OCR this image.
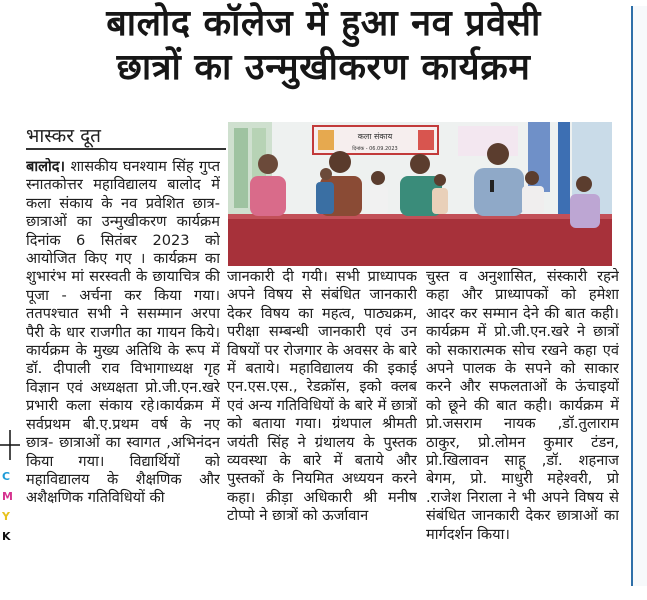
बालोद कॉलेज में हुआ नव प्रवेसी
छात्रों का उन्मुखीकरण कार्यक्रम
भास्कर दूत	कला संकाय
दिनांक - 06.09.2023
बालोद। शासकीय घनश्याम सिंह गुप्त स्नातकोत्तर महाविद्यालय बालोद में कला संकाय के नव प्रवेशित छात्र-छात्राओं का उन्मुखीकरण कार्यक्रम दिनांक 6 सितंबर 2023 को आयोजित किए गए । कार्यक्रम का शुभारंभ मां सरस्वती के छायाचित्र की पूजा - अर्चना कर किया गया। ततपश्चात सभी ने ससम्मान अरपा पैरी के धार राजगीत का गायन किये। कार्यक्रम के मुख्य अतिथि के रूप में डॉ. दीपाली राव विभागाध्यक्ष गृह विज्ञान एवं अध्यक्षता प्रो.जी.एन.खरे प्रभारी कला संकाय रहे।कार्यक्रम में सर्वप्रथम बी.ए.प्रथम वर्ष के नए छात्र- छात्राओं का स्वागत ,अभिनंदन किया गया। विद्यार्थियों को महाविद्यालय के शैक्षणिक और अशैक्षणिक गतिविधियों की
जानकारी दी गयी। सभी प्राध्यापक अपने विषय से संबंधित जानकारी देकर विषय का महत्व, पाठ्यक्रम, परीक्षा सम्बन्धी जानकारी एवं उन विषयों पर रोजगार के अवसर के बारे में बताये। महाविद्यालय की इकाई एन.एस.एस., रेडक्रॉस, इको क्लब एवं अन्य गतिविधियों के बारे में छात्रों को बताया गया। ग्रंथपाल श्रीमती जयंती सिंह ने ग्रंथालय के पुस्तक व्यवस्था के बारे में बताये और पुस्तकों के नियमित अध्ययन करने कहा। क्रीड़ा अधिकारी श्री मनीष टोप्पो ने छात्रों को ऊर्जावान
चुस्त व अनुशासित, संस्कारी रहने कहा और प्राध्यापकों को हमेशा आदर कर सम्मान देने की बात कही। कार्यक्रम में प्रो.जी.एन.खरे ने छात्रों को सकारात्मक सोच रखने कहा एवं अपने पालक के सपने को साकार करने और सफलताओं के ऊंचाइयों को छूने की बात कही। कार्यक्रम में प्रो.जसराम नायक ,डॉ.तुलाराम ठाकुर, प्रो.लोमन कुमार टंडन, प्रो.खिलावन साहू ,डॉ. शहनाज बेगम, प्रो. माधुरी महेश्वरी, प्रो .राजेश निराला ने भी अपने विषय से संबंधित जानकारी देकर छात्राओं का मार्गदर्शन किया।
C
M
Y
K
